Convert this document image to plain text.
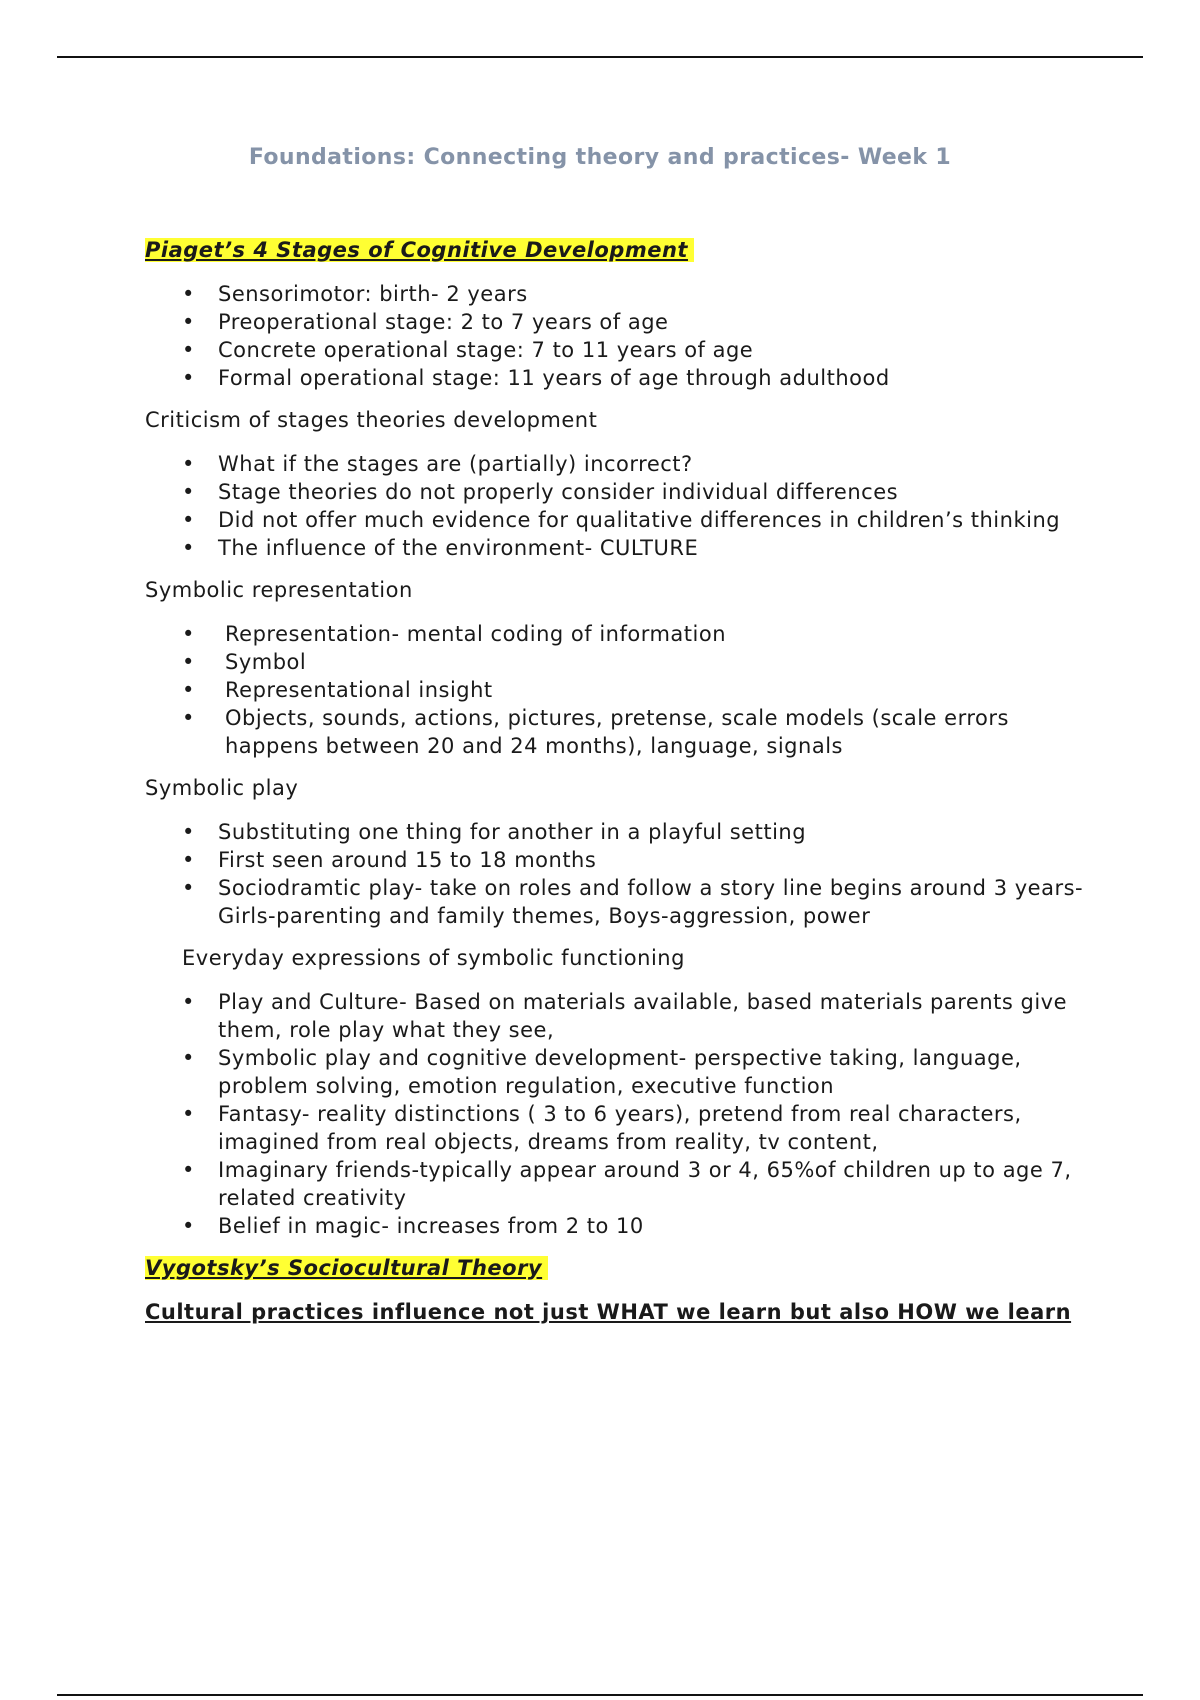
Foundations: Connecting theory and practices- Week 1
Piaget’s 4 Stages of Cognitive Development
• Sensorimotor: birth- 2 years
• Preoperational stage: 2 to 7 years of age
• Concrete operational stage: 7 to 11 years of age
• Formal operational stage: 11 years of age through adulthood
Criticism of stages theories development
• What if the stages are (partially) incorrect?
• Stage theories do not properly consider individual differences
• Did not offer much evidence for qualitative differences in children’s thinking
• The influence of the environment- CULTURE
Symbolic representation
• Representation- mental coding of information
• Symbol
• Representational insight
• Objects, sounds, actions, pictures, pretense, scale models (scale errors happens between 20 and 24 months), language, signals
Symbolic play
• Substituting one thing for another in a playful setting
• First seen around 15 to 18 months
• Sociodramtic play- take on roles and follow a story line begins around 3 years- Girls-parenting and family themes, Boys-aggression, power
Everyday expressions of symbolic functioning
• Play and Culture- Based on materials available, based materials parents give them, role play what they see,
• Symbolic play and cognitive development- perspective taking, language, problem solving, emotion regulation, executive function
• Fantasy- reality distinctions ( 3 to 6 years), pretend from real characters, imagined from real objects, dreams from reality, tv content,
• Imaginary friends-typically appear around 3 or 4, 65%of children up to age 7, related creativity
• Belief in magic- increases from 2 to 10
Vygotsky’s Sociocultural Theory
Cultural practices influence not just WHAT we learn but also HOW we learn
